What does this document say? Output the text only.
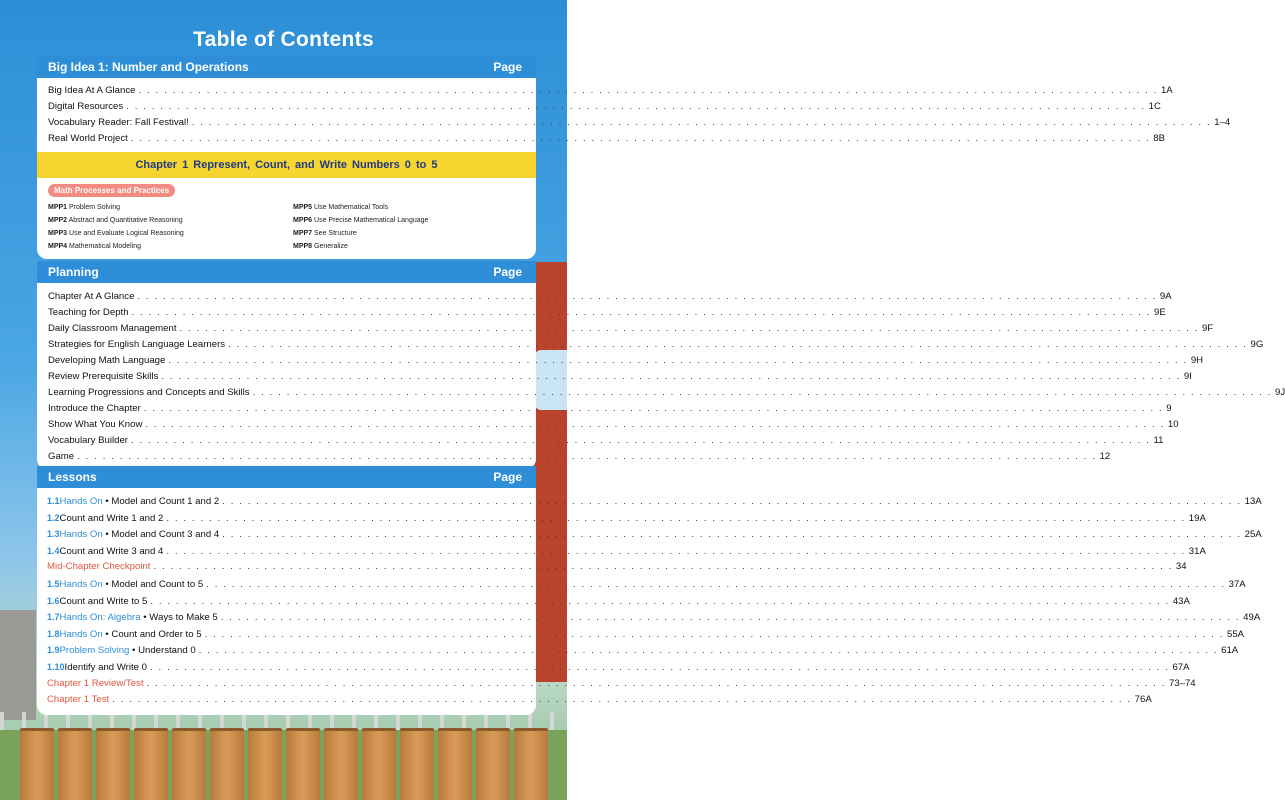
Table of Contents
Big Idea 1: Number and Operations	Page
Big Idea At A Glance . . . . . . . . . . . . . . . . . . . . . . . . . . . . . . . . . . . . . . . . . . . . . . . . . . . . . . . . . . . . . . . . . . . . . . . . . . . . . . . . . . . . . . . . . . . . . . . . . . . . . . . . . . . . . . . . . . . . . . . . 1A
Digital Resources . . . . . . . . . . . . . . . . . . . . . . . . . . . . . . . . . . . . . . . . . . . . . . . . . . . . . . . . . . . . . . . . . . . . . . . . . . . . . . . . . . . . . . . . . . . . . . . . . . . . . . . . . . . . . . . . . . . . . . . . 1C
Vocabulary Reader: Fall Festival! . . . . . . . . . . . . . . . . . . . . . . . . . . . . . . . . . . . . . . . . . . . . . . . . . . . . . . . . . . . . . . . . . . . . . . . . . . . . . . . . . . . . . . . . . . . . . . . . . . . . . . . . . . . . . . . . . . . . . . . . 1–4
Real World Project . . . . . . . . . . . . . . . . . . . . . . . . . . . . . . . . . . . . . . . . . . . . . . . . . . . . . . . . . . . . . . . . . . . . . . . . . . . . . . . . . . . . . . . . . . . . . . . . . . . . . . . . . . . . . . . . . . . . . . . . 8B
Chapter 1 Represent, Count, and Write Numbers 0 to 5
Math Processes and Practices
MPP1 Problem Solving	MPP5 Use Mathematical Tools
MPP2 Abstract and Quantitative Reasoning	MPP6 Use Precise Mathematical Language
MPP3 Use and Evaluate Logical Reasoning	MPP7 See Structure
MPP4 Mathematical Modeling	MPP8 Generalize
Planning	Page
Chapter At A Glance . . . . . . . . . . . . . . . . . . . . . . . . . . . . . . . . . . . . . . . . . . . . . . . . . . . . . . . . . . . . . . . . . . . . . . . . . . . . . . . . . . . . . . . . . . . . . . . . . . . . . . . . . . . . . . . . . . . . . . . . 9A
Teaching for Depth . . . . . . . . . . . . . . . . . . . . . . . . . . . . . . . . . . . . . . . . . . . . . . . . . . . . . . . . . . . . . . . . . . . . . . . . . . . . . . . . . . . . . . . . . . . . . . . . . . . . . . . . . . . . . . . . . . . . . . . . 9E
Daily Classroom Management . . . . . . . . . . . . . . . . . . . . . . . . . . . . . . . . . . . . . . . . . . . . . . . . . . . . . . . . . . . . . . . . . . . . . . . . . . . . . . . . . . . . . . . . . . . . . . . . . . . . . . . . . . . . . . . . . . . . . . . . 9F
Strategies for English Language Learners . . . . . . . . . . . . . . . . . . . . . . . . . . . . . . . . . . . . . . . . . . . . . . . . . . . . . . . . . . . . . . . . . . . . . . . . . . . . . . . . . . . . . . . . . . . . . . . . . . . . . . . . . . . . . . . . . . . . . . . . 9G
Developing Math Language . . . . . . . . . . . . . . . . . . . . . . . . . . . . . . . . . . . . . . . . . . . . . . . . . . . . . . . . . . . . . . . . . . . . . . . . . . . . . . . . . . . . . . . . . . . . . . . . . . . . . . . . . . . . . . . . . . . . . . . . 9H
Review Prerequisite Skills . . . . . . . . . . . . . . . . . . . . . . . . . . . . . . . . . . . . . . . . . . . . . . . . . . . . . . . . . . . . . . . . . . . . . . . . . . . . . . . . . . . . . . . . . . . . . . . . . . . . . . . . . . . . . . . . . . . . . . . . 9I
Learning Progressions and Concepts and Skills . . . . . . . . . . . . . . . . . . . . . . . . . . . . . . . . . . . . . . . . . . . . . . . . . . . . . . . . . . . . . . . . . . . . . . . . . . . . . . . . . . . . . . . . . . . . . . . . . . . . . . . . . . . . . . . . . . . . . . . . 9J
Introduce the Chapter . . . . . . . . . . . . . . . . . . . . . . . . . . . . . . . . . . . . . . . . . . . . . . . . . . . . . . . . . . . . . . . . . . . . . . . . . . . . . . . . . . . . . . . . . . . . . . . . . . . . . . . . . . . . . . . . . . . . . . . . 9
Show What You Know . . . . . . . . . . . . . . . . . . . . . . . . . . . . . . . . . . . . . . . . . . . . . . . . . . . . . . . . . . . . . . . . . . . . . . . . . . . . . . . . . . . . . . . . . . . . . . . . . . . . . . . . . . . . . . . . . . . . . . . . 10
Vocabulary Builder . . . . . . . . . . . . . . . . . . . . . . . . . . . . . . . . . . . . . . . . . . . . . . . . . . . . . . . . . . . . . . . . . . . . . . . . . . . . . . . . . . . . . . . . . . . . . . . . . . . . . . . . . . . . . . . . . . . . . . . . 11
Game . . . . . . . . . . . . . . . . . . . . . . . . . . . . . . . . . . . . . . . . . . . . . . . . . . . . . . . . . . . . . . . . . . . . . . . . . . . . . . . . . . . . . . . . . . . . . . . . . . . . . . . . . . . . . . . . . . . . . . . . 12
Lessons	Page
1.1 Hands On • Model and Count 1 and 2 . . . . . . . . . . . . . . . . . . . . . . . . . . . . . . . . . . . . . . . . . . . . . . . . . . . . . . . . . . . . . . . . . . . . . . . . . . . . . . . . . . . . . . . . . . . . . . . . . . . . . . . . . . . . . . . . . . . . . . . . 13A
1.2 Count and Write 1 and 2 . . . . . . . . . . . . . . . . . . . . . . . . . . . . . . . . . . . . . . . . . . . . . . . . . . . . . . . . . . . . . . . . . . . . . . . . . . . . . . . . . . . . . . . . . . . . . . . . . . . . . . . . . . . . . . . . . . . . . . . . 19A
1.3 Hands On • Model and Count 3 and 4 . . . . . . . . . . . . . . . . . . . . . . . . . . . . . . . . . . . . . . . . . . . . . . . . . . . . . . . . . . . . . . . . . . . . . . . . . . . . . . . . . . . . . . . . . . . . . . . . . . . . . . . . . . . . . . . . . . . . . . . . 25A
1.4 Count and Write 3 and 4 . . . . . . . . . . . . . . . . . . . . . . . . . . . . . . . . . . . . . . . . . . . . . . . . . . . . . . . . . . . . . . . . . . . . . . . . . . . . . . . . . . . . . . . . . . . . . . . . . . . . . . . . . . . . . . . . . . . . . . . . 31A
Mid-Chapter Checkpoint . . . . . . . . . . . . . . . . . . . . . . . . . . . . . . . . . . . . . . . . . . . . . . . . . . . . . . . . . . . . . . . . . . . . . . . . . . . . . . . . . . . . . . . . . . . . . . . . . . . . . . . . . . . . . . . . . . . . . . . . 34
1.5 Hands On • Model and Count to 5 . . . . . . . . . . . . . . . . . . . . . . . . . . . . . . . . . . . . . . . . . . . . . . . . . . . . . . . . . . . . . . . . . . . . . . . . . . . . . . . . . . . . . . . . . . . . . . . . . . . . . . . . . . . . . . . . . . . . . . . . 37A
1.6 Count and Write to 5 . . . . . . . . . . . . . . . . . . . . . . . . . . . . . . . . . . . . . . . . . . . . . . . . . . . . . . . . . . . . . . . . . . . . . . . . . . . . . . . . . . . . . . . . . . . . . . . . . . . . . . . . . . . . . . . . . . . . . . . . 43A
1.7 Hands On: Algebra • Ways to Make 5 . . . . . . . . . . . . . . . . . . . . . . . . . . . . . . . . . . . . . . . . . . . . . . . . . . . . . . . . . . . . . . . . . . . . . . . . . . . . . . . . . . . . . . . . . . . . . . . . . . . . . . . . . . . . . . . . . . . . . . . . 49A
1.8 Hands On • Count and Order to 5 . . . . . . . . . . . . . . . . . . . . . . . . . . . . . . . . . . . . . . . . . . . . . . . . . . . . . . . . . . . . . . . . . . . . . . . . . . . . . . . . . . . . . . . . . . . . . . . . . . . . . . . . . . . . . . . . . . . . . . . . 55A
1.9 Problem Solving • Understand 0 . . . . . . . . . . . . . . . . . . . . . . . . . . . . . . . . . . . . . . . . . . . . . . . . . . . . . . . . . . . . . . . . . . . . . . . . . . . . . . . . . . . . . . . . . . . . . . . . . . . . . . . . . . . . . . . . . . . . . . . . 61A
1.10 Identify and Write 0 . . . . . . . . . . . . . . . . . . . . . . . . . . . . . . . . . . . . . . . . . . . . . . . . . . . . . . . . . . . . . . . . . . . . . . . . . . . . . . . . . . . . . . . . . . . . . . . . . . . . . . . . . . . . . . . . . . . . . . . . 67A
Chapter 1 Review/Test . . . . . . . . . . . . . . . . . . . . . . . . . . . . . . . . . . . . . . . . . . . . . . . . . . . . . . . . . . . . . . . . . . . . . . . . . . . . . . . . . . . . . . . . . . . . . . . . . . . . . . . . . . . . . . . . . . . . . . . . 73–74
Chapter 1 Test . . . . . . . . . . . . . . . . . . . . . . . . . . . . . . . . . . . . . . . . . . . . . . . . . . . . . . . . . . . . . . . . . . . . . . . . . . . . . . . . . . . . . . . . . . . . . . . . . . . . . . . . . . . . . . . . . . . . . . . . 76A
